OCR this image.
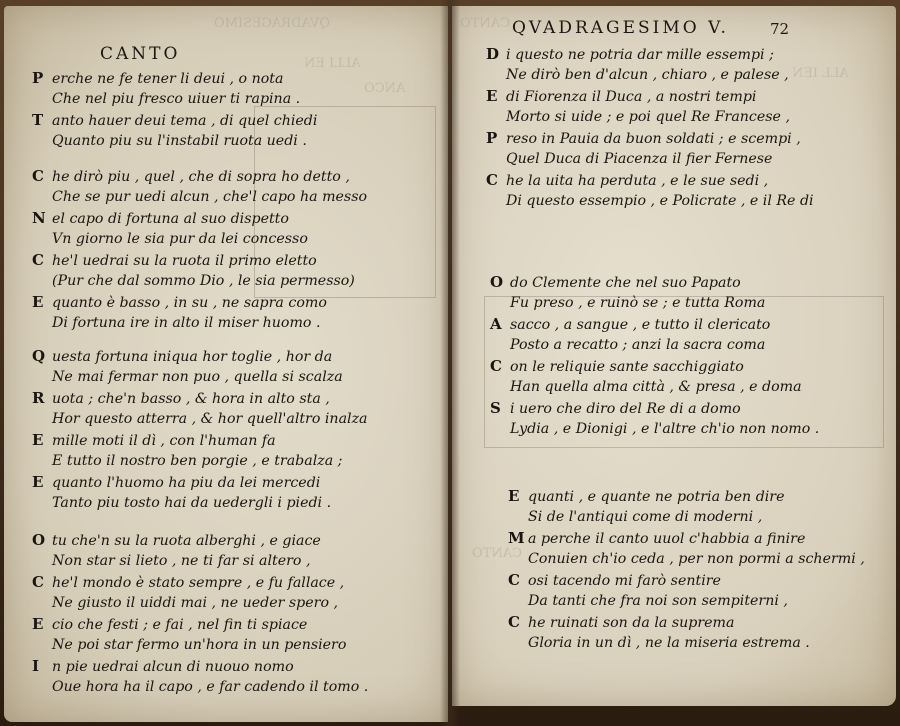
QVADRAGESIMO
ALLI EN
ANCO
CANTO
P erche ne fe tener li deui , o nota
Che nel piu fresco uiuer ti rapina .
T anto hauer deui tema , di quel chiedi
Quanto piu su l'instabil ruota uedi .
C he dirò piu , quel , che di sopra ho detto ,
Che se pur uedi alcun , che'l capo ha messo
N el capo di fortuna al suo dispetto
Vn giorno le sia pur da lei concesso
C he'l uedrai su la ruota il primo eletto
(Pur che dal sommo Dio , le sia permesso)
E quanto è basso , in su , ne sapra como
Di fortuna ire in alto il miser huomo .
Q uesta fortuna iniqua hor toglie , hor da
Ne mai fermar non puo , quella si scalza
R uota ; che'n basso , & hora in alto sta ,
Hor questo atterra , & hor quell'altro inalza
E mille moti il dì , con l'human fa
E tutto il nostro ben porgie , e trabalza ;
E quanto l'huomo ha piu da lei mercedi
Tanto piu tosto hai da uedergli i piedi .
O tu che'n su la ruota alberghi , e giace
Non star si lieto , ne ti far si altero ,
C he'l mondo è stato sempre , e fu fallace ,
Ne giusto il uiddi mai , ne ueder spero ,
E cio che festi ; e fai , nel fin ti spiace
Ne poi star fermo un'hora in un pensiero
I n pie uedrai alcun di nuouo nomo
Oue hora ha il capo , e far cadendo il tomo .
CANTO
ALL IEN
CANTO
QVADRAGESIMO V.	72
D i questo ne potria dar mille essempi ;
Ne dirò ben d'alcun , chiaro , e palese ,
E di Fiorenza il Duca , a nostri tempi
Morto si uide ; e poi quel Re Francese ,
P reso in Pauia da buon soldati ; e scempi ,
Quel Duca di Piacenza il fier Fernese
C he la uita ha perduta , e le sue sedi ,
Di questo essempio , e Policrate , e il Re di
O do Clemente che nel suo Papato
Fu preso , e ruinò se ; e tutta Roma
A sacco , a sangue , e tutto il clericato
Posto a recatto ; anzi la sacra coma
C on le reliquie sante sacchiggiato
Han quella alma città , & presa , e doma
S i uero che diro del Re di a domo
Lydia , e Dionigi , e l'altre ch'io non nomo .
E quanti , e quante ne potria ben dire
Si de l'antiqui come di moderni ,
M a perche il canto uuol c'habbia a finire
Conuien ch'io ceda , per non pormi a schermi ,
C osi tacendo mi farò sentire
Da tanti che fra noi son sempiterni ,
C he ruinati son da la suprema
Gloria in un dì , ne la miseria estrema .
